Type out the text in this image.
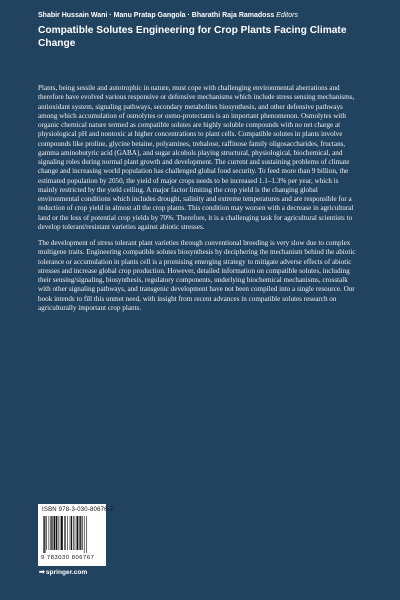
Shabir Hussain Wani · Manu Pratap Gangola · Bharathi Raja Ramadoss Editors
Compatible Solutes Engineering for Crop Plants Facing Climate Change

Plants, being sessile and autotrophic in nature, must cope with challenging environmental aberrations and therefore have evolved various responsive or defensive mechanisms which include stress sensing mechanisms, antioxidant system, signaling pathways, secondary metabolites biosynthesis, and other defensive pathways among which accumulation of osmolytes or osmo-protectants is an important phenomenon. Osmolytes with organic chemical nature termed as compatible solutes are highly soluble compounds with no net charge at physiological pH and nontoxic at higher concentrations to plant cells. Compatible solutes in plants involve compounds like proline, glycine betaine, polyamines, trehalose, raffinose family oligosaccharides, fructans, gamma aminobutyric acid (GABA), and sugar alcohols playing structural, physiological, biochemical, and signaling roles during normal plant growth and development. The current and sustaining problems of climate change and increasing world population has challenged global food security. To feed more than 9 billion, the estimated population by 2050, the yield of major crops needs to be increased 1.1–1.3% per year, which is mainly restricted by the yield ceiling. A major factor limiting the crop yield is the changing global environmental conditions which includes drought, salinity and extreme temperatures and are responsible for a reduction of crop yield in almost all the crop plants. This condition may worsen with a decrease in agricultural land or the loss of potential crop yields by 70%. Therefore, it is a challenging task for agricultural scientists to develop tolerant/resistant varieties against abiotic stresses.

The development of stress tolerant plant varieties through conventional breeding is very slow due to complex multigene traits. Engineering compatible solutes biosynthesis by deciphering the mechanism behind the abiotic tolerance or accumulation in plants cell is a promising emerging strategy to mitigate adverse effects of abiotic stresses and increase global crop production. However, detailed information on compatible solutes, including their sensing/signaling, biosynthesis, regulatory components, underlying biochemical mechanisms, crosstalk with other signaling pathways, and transgenic development have not been compiled into a single resource. Our book intends to fill this unmet need, with insight from recent advances in compatible solutes research on agriculturally important crop plants.

ISBN 978-3-030-80676-7
9 783030 806767
➡springer.com
